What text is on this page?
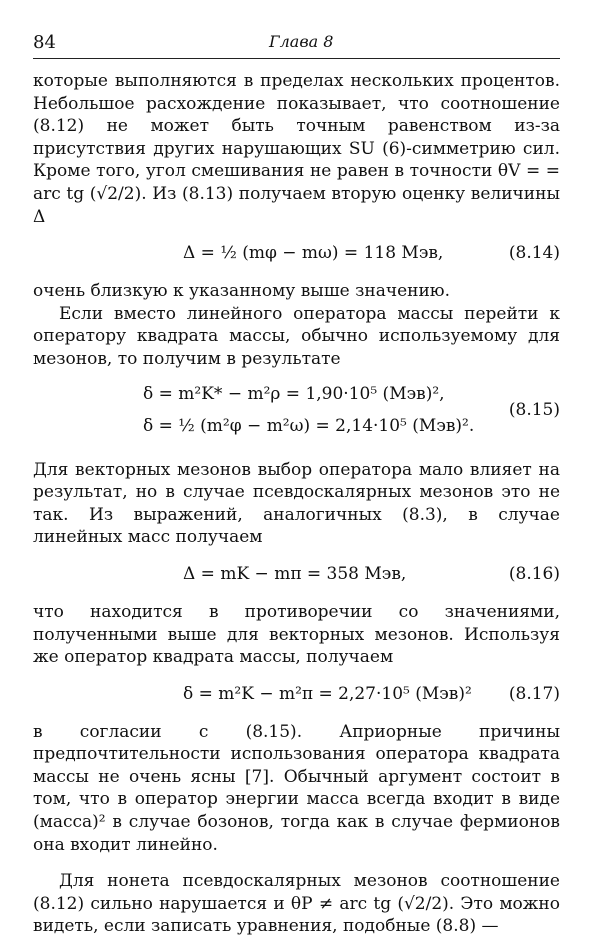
84	Глава 8

которые выполняются в пределах нескольких процентов. Небольшое расхождение показывает, что соотношение (8.12) не может быть точным равенством из-за присутствия других нарушающих SU (6)-симметрию сил. Кроме того, угол смешивания не равен в точности θV = = arc tg (√2/2). Из (8.13) получаем вторую оценку величины Δ

Δ = ½ (mφ − mω) = 118 Мэв,	(8.14)

очень близкую к указанному выше значению.

Если вместо линейного оператора массы перейти к оператору квадрата массы, обычно используемому для мезонов, то получим в результате

δ = m²K* − m²ρ = 1,90·10⁵ (Мэв)²,
δ = ½ (m²φ − m²ω) = 2,14·10⁵ (Мэв)².
(8.15)

Для векторных мезонов выбор оператора мало влияет на результат, но в случае псевдоскалярных мезонов это не так. Из выражений, аналогичных (8.3), в случае линейных масс получаем

Δ = mK − mπ = 358 Мэв,	(8.16)

что находится в противоречии со значениями, полученными выше для векторных мезонов. Используя же оператор квадрата массы, получаем

δ = m²K − m²π = 2,27·10⁵ (Мэв)² (8.17)

в согласии с (8.15). Априорные причины предпочтительности использования оператора квадрата массы не очень ясны [7]. Обычный аргумент состоит в том, что в оператор энергии масса всегда входит в виде (масса)² в случае бозонов, тогда как в случае фермионов она входит линейно.

Для нонета псевдоскалярных мезонов соотношение (8.12) сильно нарушается и θP ≠ arc tg (√2/2). Это можно видеть, если записать уравнения, подобные (8.8) —
